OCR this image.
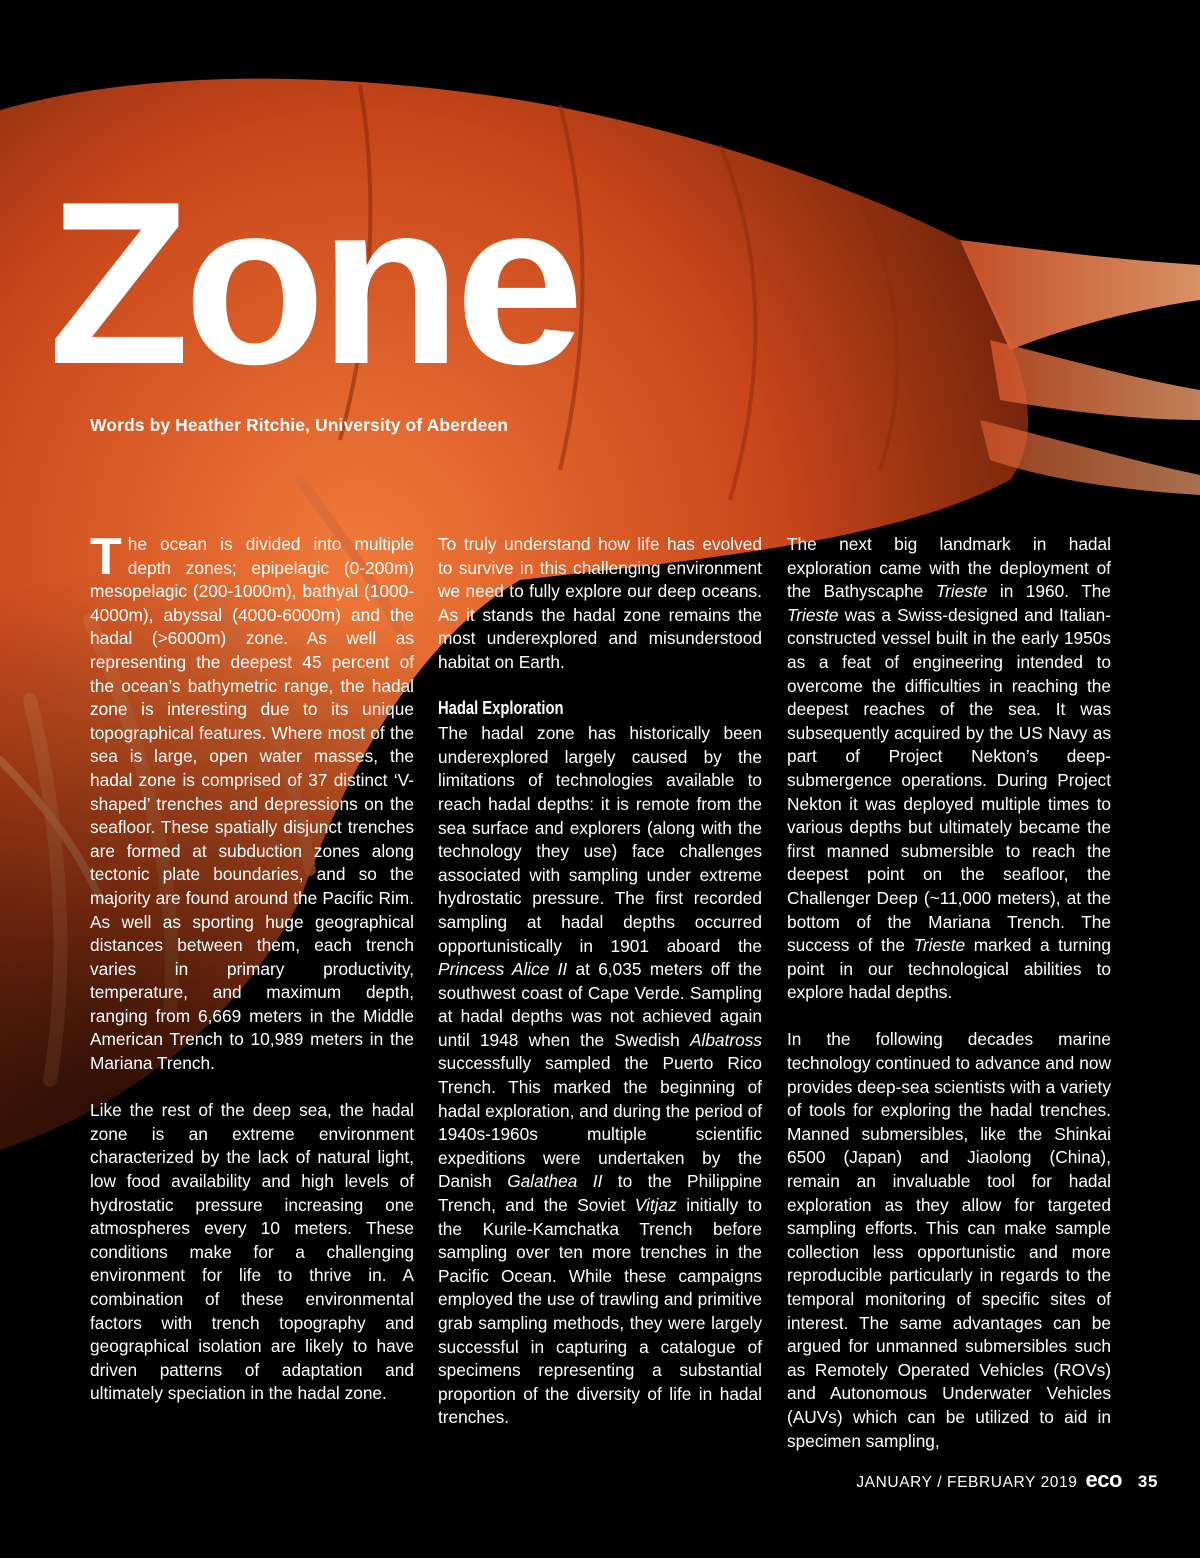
Zone
Words by Heather Ritchie, University of Aberdeen

The ocean is divided into multiple depth zones; epipelagic (0-200m) mesopelagic (200-1000m), bathyal (1000-4000m), abyssal (4000-6000m) and the hadal (>6000m) zone. As well as representing the deepest 45 percent of the ocean’s bathymetric range, the hadal zone is interesting due to its unique topographical features. Where most of the sea is large, open water masses, the hadal zone is comprised of 37 distinct ‘V-shaped’ trenches and depressions on the seafloor. These spatially disjunct trenches are formed at subduction zones along tectonic plate boundaries, and so the majority are found around the Pacific Rim. As well as sporting huge geographical distances between them, each trench varies in primary productivity, temperature, and maximum depth, ranging from 6,669 meters in the Middle American Trench to 10,989 meters in the Mariana Trench.

Like the rest of the deep sea, the hadal zone is an extreme environment characterized by the lack of natural light, low food availability and high levels of hydrostatic pressure increasing one atmospheres every 10 meters. These conditions make for a challenging environment for life to thrive in. A combination of these environmental factors with trench topography and geographical isolation are likely to have driven patterns of adaptation and ultimately speciation in the hadal zone.

To truly understand how life has evolved to survive in this challenging environment we need to fully explore our deep oceans. As it stands the hadal zone remains the most underexplored and misunderstood habitat on Earth.

Hadal Exploration

The hadal zone has historically been underexplored largely caused by the limitations of technologies available to reach hadal depths: it is remote from the sea surface and explorers (along with the technology they use) face challenges associated with sampling under extreme hydrostatic pressure. The first recorded sampling at hadal depths occurred opportunistically in 1901 aboard the Princess Alice II at 6,035 meters off the southwest coast of Cape Verde. Sampling at hadal depths was not achieved again until 1948 when the Swedish Albatross successfully sampled the Puerto Rico Trench. This marked the beginning of hadal exploration, and during the period of 1940s-1960s multiple scientific expeditions were undertaken by the Danish Galathea II to the Philippine Trench, and the Soviet Vitjaz initially to the Kurile-Kamchatka Trench before sampling over ten more trenches in the Pacific Ocean. While these campaigns employed the use of trawling and primitive grab sampling methods, they were largely successful in capturing a catalogue of specimens representing a substantial proportion of the diversity of life in hadal trenches.

The next big landmark in hadal exploration came with the deployment of the Bathyscaphe Trieste in 1960. The Trieste was a Swiss-designed and Italian-constructed vessel built in the early 1950s as a feat of engineering intended to overcome the difficulties in reaching the deepest reaches of the sea. It was subsequently acquired by the US Navy as part of Project Nekton’s deep-submergence operations. During Project Nekton it was deployed multiple times to various depths but ultimately became the first manned submersible to reach the deepest point on the seafloor, the Challenger Deep (~11,000 meters), at the bottom of the Mariana Trench. The success of the Trieste marked a turning point in our technological abilities to explore hadal depths.

In the following decades marine technology continued to advance and now provides deep-sea scientists with a variety of tools for exploring the hadal trenches. Manned submersibles, like the Shinkai 6500 (Japan) and Jiaolong (China), remain an invaluable tool for hadal exploration as they allow for targeted sampling efforts. This can make sample collection less opportunistic and more reproducible particularly in regards to the temporal monitoring of specific sites of interest. The same advantages can be argued for unmanned submersibles such as Remotely Operated Vehicles (ROVs) and Autonomous Underwater Vehicles (AUVs) which can be utilized to aid in specimen sampling,

JANUARY / FEBRUARY 2019 eco 35
